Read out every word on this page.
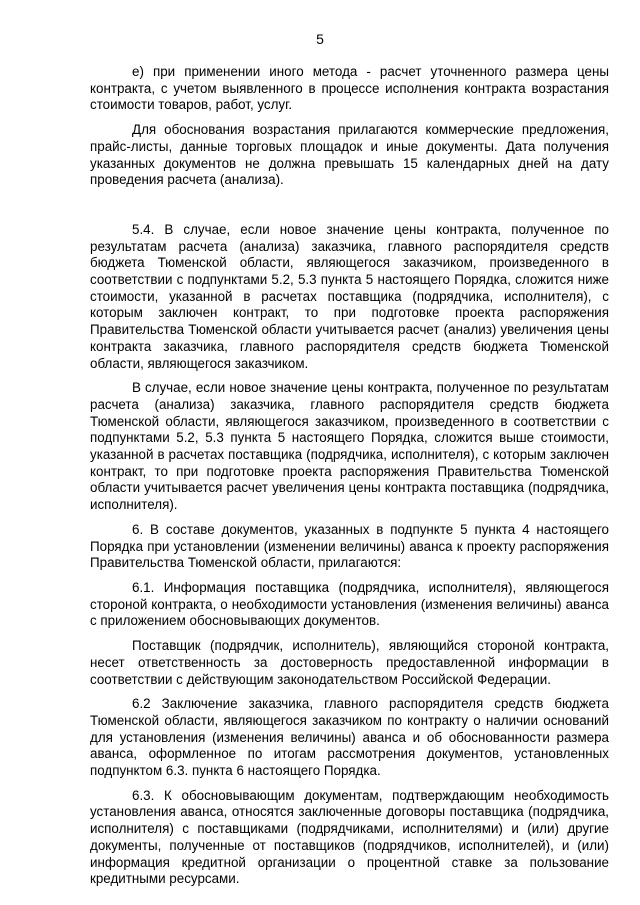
5

е) при применении иного метода - расчет уточненного размера цены контракта, с учетом выявленного в процессе исполнения контракта возрастания стоимости товаров, работ, услуг.

Для обоснования возрастания прилагаются коммерческие предложения, прайс-листы, данные торговых площадок и иные документы. Дата получения указанных документов не должна превышать 15 календарных дней на дату проведения расчета (анализа).

5.4. В случае, если новое значение цены контракта, полученное по результатам расчета (анализа) заказчика, главного распорядителя средств бюджета Тюменской области, являющегося заказчиком, произведенного в соответствии с подпунктами 5.2, 5.3 пункта 5 настоящего Порядка, сложится ниже стоимости, указанной в расчетах поставщика (подрядчика, исполнителя), с которым заключен контракт, то при подготовке проекта распоряжения Правительства Тюменской области учитывается расчет (анализ) увеличения цены контракта заказчика, главного распорядителя средств бюджета Тюменской области, являющегося заказчиком.

В случае, если новое значение цены контракта, полученное по результатам расчета (анализа) заказчика, главного распорядителя средств бюджета Тюменской области, являющегося заказчиком, произведенного в соответствии с подпунктами 5.2, 5.3 пункта 5 настоящего Порядка, сложится выше стоимости, указанной в расчетах поставщика (подрядчика, исполнителя), с которым заключен контракт, то при подготовке проекта распоряжения Правительства Тюменской области учитывается расчет увеличения цены контракта поставщика (подрядчика, исполнителя).

6. В составе документов, указанных в подпункте 5 пункта 4 настоящего Порядка при установлении (изменении величины) аванса к проекту распоряжения Правительства Тюменской области, прилагаются:

6.1. Информация поставщика (подрядчика, исполнителя), являющегося стороной контракта, о необходимости установления (изменения величины) аванса с приложением обосновывающих документов.

Поставщик (подрядчик, исполнитель), являющийся стороной контракта, несет ответственность за достоверность предоставленной информации в соответствии с действующим законодательством Российской Федерации.

6.2 Заключение заказчика, главного распорядителя средств бюджета Тюменской области, являющегося заказчиком по контракту о наличии оснований для установления (изменения величины) аванса и об обоснованности размера аванса, оформленное по итогам рассмотрения документов, установленных подпунктом 6.3. пункта 6 настоящего Порядка.

6.3. К обосновывающим документам, подтверждающим необходимость установления аванса, относятся заключенные договоры поставщика (подрядчика, исполнителя) с поставщиками (подрядчиками, исполнителями) и (или) другие документы, полученные от поставщиков (подрядчиков, исполнителей), и (или) информация кредитной организации о процентной ставке за пользование кредитными ресурсами.
